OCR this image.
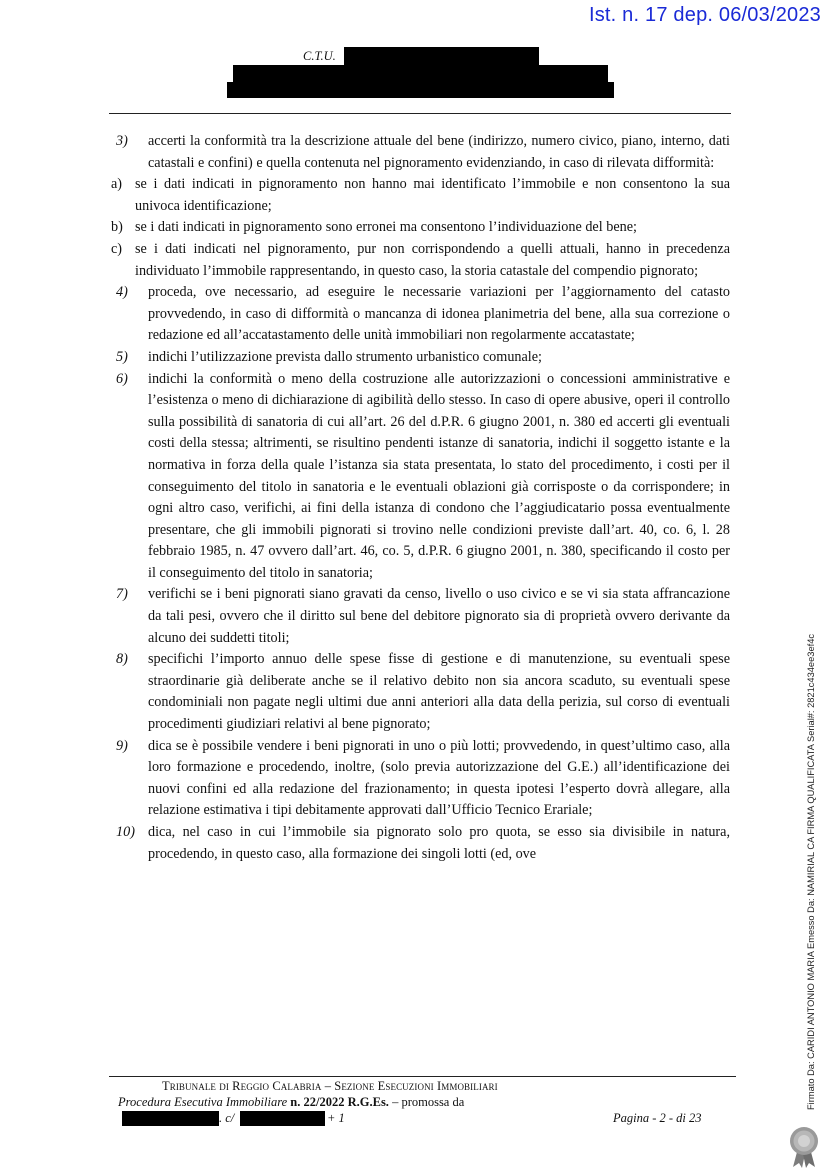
Ist. n. 17 dep. 06/03/2023
C.T.U.
3) accerti la conformità tra la descrizione attuale del bene (indirizzo, numero civico, piano, interno, dati catastali e confini) e quella contenuta nel pignoramento evidenziando, in caso di rilevata difformità:
a) se i dati indicati in pignoramento non hanno mai identificato l’immobile e non consentono la sua univoca identificazione;
b) se i dati indicati in pignoramento sono erronei ma consentono l’individuazione del bene;
c) se i dati indicati nel pignoramento, pur non corrispondendo a quelli attuali, hanno in precedenza individuato l’immobile rappresentando, in questo caso, la storia catastale del compendio pignorato;
4) proceda, ove necessario, ad eseguire le necessarie variazioni per l’aggiornamento del catasto provvedendo, in caso di difformità o mancanza di idonea planimetria del bene, alla sua correzione o redazione ed all’accatastamento delle unità immobiliari non regolarmente accatastate;
5) indichi l’utilizzazione prevista dallo strumento urbanistico comunale;
6) indichi la conformità o meno della costruzione alle autorizzazioni o concessioni amministrative e l’esistenza o meno di dichiarazione di agibilità dello stesso. In caso di opere abusive, operi il controllo sulla possibilità di sanatoria di cui all’art. 26 del d.P.R. 6 giugno 2001, n. 380 ed accerti gli eventuali costi della stessa; altrimenti, se risultino pendenti istanze di sanatoria, indichi il soggetto istante e la normativa in forza della quale l’istanza sia stata presentata, lo stato del procedimento, i costi per il conseguimento del titolo in sanatoria e le eventuali oblazioni già corrisposte o da corrispondere; in ogni altro caso, verifichi, ai fini della istanza di condono che l’aggiudicatario possa eventualmente presentare, che gli immobili pignorati si trovino nelle condizioni previste dall’art. 40, co. 6, l. 28 febbraio 1985, n. 47 ovvero dall’art. 46, co. 5, d.P.R. 6 giugno 2001, n. 380, specificando il costo per il conseguimento del titolo in sanatoria;
7) verifichi se i beni pignorati siano gravati da censo, livello o uso civico e se vi sia stata affrancazione da tali pesi, ovvero che il diritto sul bene del debitore pignorato sia di proprietà ovvero derivante da alcuno dei suddetti titoli;
8) specifichi l’importo annuo delle spese fisse di gestione e di manutenzione, su eventuali spese straordinarie già deliberate anche se il relativo debito non sia ancora scaduto, su eventuali spese condominiali non pagate negli ultimi due anni anteriori alla data della perizia, sul corso di eventuali procedimenti giudiziari relativi al bene pignorato;
9) dica se è possibile vendere i beni pignorati in uno o più lotti; provvedendo, in quest’ultimo caso, alla loro formazione e procedendo, inoltre, (solo previa autorizzazione del G.E.) all’identificazione dei nuovi confini ed alla redazione del frazionamento; in questa ipotesi l’esperto dovrà allegare, alla relazione estimativa i tipi debitamente approvati dall’Ufficio Tecnico Erariale;
10) dica, nel caso in cui l’immobile sia pignorato solo pro quota, se esso sia divisibile in natura, procedendo, in questo caso, alla formazione dei singoli lotti (ed, ove
Tribunale di Reggio Calabria – Sezione Esecuzioni Immobiliari
Procedura Esecutiva Immobiliare n. 22/2022 R.G.Es. – promossa da
. c/	+ 1	Pagina - 2 - di 23
Firmato Da: CARIDI ANTONIO MARIA Emesso Da: NAMIRIAL CA FIRMA QUALIFICATA Serial#: 2821c434ee3ef4c
